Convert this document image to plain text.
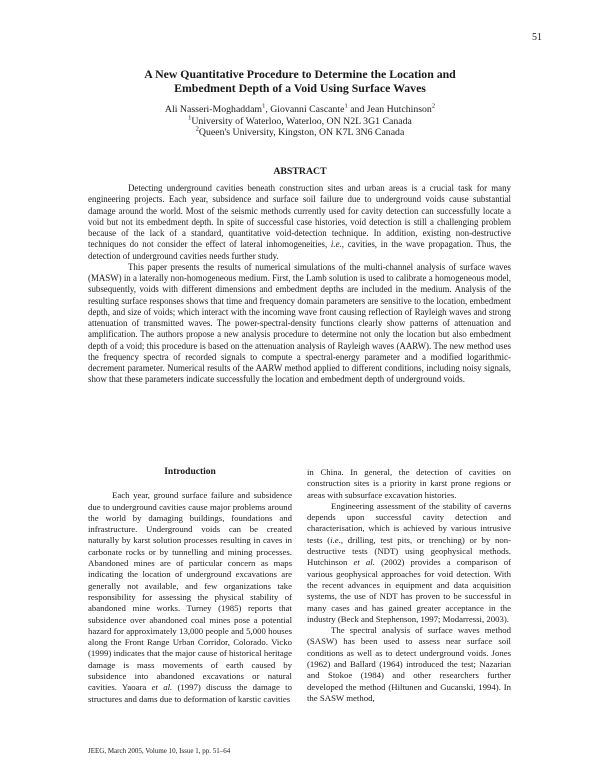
51
A New Quantitative Procedure to Determine the Location and
Embedment Depth of a Void Using Surface Waves
Ali Nasseri-Moghaddam$^1$, Giovanni Cascante$^1$ and Jean Hutchinson$^2$
$^1$University of Waterloo, Waterloo, ON N2L 3G1 Canada
$^2$Queen's University, Kingston, ON K7L 3N6 Canada
ABSTRACT

Detecting underground cavities beneath construction sites and urban areas is a crucial task for many engineering projects. Each year, subsidence and surface soil failure due to underground voids cause substantial damage around the world. Most of the seismic methods currently used for cavity detection can successfully locate a void but not its embedment depth. In spite of successful case histories, void detection is still a challenging problem because of the lack of a standard, quantitative void-detection technique. In addition, existing non-destructive techniques do not consider the effect of lateral inhomogeneities, i.e., cavities, in the wave propagation. Thus, the detection of underground cavities needs further study.

This paper presents the results of numerical simulations of the multi-channel analysis of surface waves (MASW) in a laterally non-homogeneous medium. First, the Lamb solution is used to calibrate a homogeneous model, subsequently, voids with different dimensions and embedment depths are included in the medium. Analysis of the resulting surface responses shows that time and frequency domain parameters are sensitive to the location, embedment depth, and size of voids; which interact with the incoming wave front causing reflection of Rayleigh waves and strong attenuation of transmitted waves. The power-spectral-density functions clearly show patterns of attenuation and amplification. The authors propose a new analysis procedure to determine not only the location but also embedment depth of a void; this procedure is based on the attenuation analysis of Rayleigh waves (AARW). The new method uses the frequency spectra of recorded signals to compute a spectral-energy parameter and a modified logarithmic-decrement parameter. Numerical results of the AARW method applied to different conditions, including noisy signals, show that these parameters indicate successfully the location and embedment depth of underground voids.

Introduction

Each year, ground surface failure and subsidence due to underground cavities cause major problems around the world by damaging buildings, foundations and infrastructure. Underground voids can be created naturally by karst solution processes resulting in caves in carbonate rocks or by tunnelling and mining processes. Abandoned mines are of particular concern as maps indicating the location of underground excavations are generally not available, and few organizations take responsibility for assessing the physical stability of abandoned mine works. Turney (1985) reports that subsidence over abandoned coal mines pose a potential hazard for approximately 13,000 people and 5,000 houses along the Front Range Urban Corridor, Colorado. Vicko (1999) indicates that the major cause of historical heritage damage is mass movements of earth caused by subsidence into abandoned excavations or natural cavities. Yaoara et al. (1997) discuss the damage to structures and dams due to deformation of karstic cavities

in China. In general, the detection of cavities on construction sites is a priority in karst prone regions or areas with subsurface excavation histories.

Engineering assessment of the stability of caverns depends upon successful cavity detection and characterisation, which is achieved by various intrusive tests (i.e., drilling, test pits, or trenching) or by non-destructive tests (NDT) using geophysical methods. Hutchinson et al. (2002) provides a comparison of various geophysical approaches for void detection. With the recent advances in equipment and data acquisition systems, the use of NDT has proven to be successful in many cases and has gained greater acceptance in the industry (Beck and Stephenson, 1997; Modarressi, 2003).

The spectral analysis of surface waves method (SASW) has been used to assess near surface soil conditions as well as to detect underground voids. Jones (1962) and Ballard (1964) introduced the test; Nazarian and Stokoe (1984) and other researchers further developed the method (Hiltunen and Gucanski, 1994). In the SASW method,

JEEG, March 2005, Volume 10, Issue 1, pp. 51–64
